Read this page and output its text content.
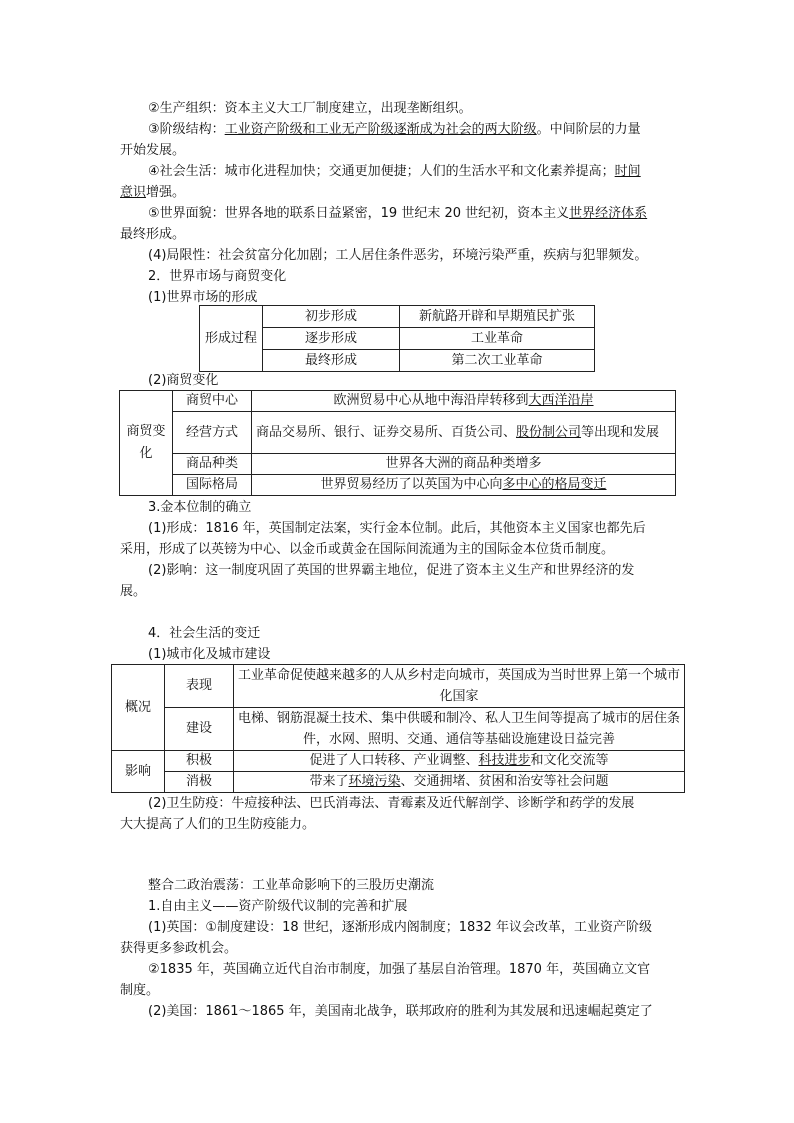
②生产组织：资本主义大工厂制度建立，出现垄断组织。
③阶级结构：工业资产阶级和工业无产阶级逐渐成为社会的两大阶级。中间阶层的力量
开始发展。
④社会生活：城市化进程加快；交通更加便捷；人们的生活水平和文化素养提高；时间
意识增强。
⑤世界面貌：世界各地的联系日益紧密，19 世纪末 20 世纪初，资本主义世界经济体系
最终形成。
(4)局限性：社会贫富分化加剧；工人居住条件恶劣，环境污染严重，疾病与犯罪频发。
2．世界市场与商贸变化
(1)世界市场的形成
形成过程	初步形成	新航路开辟和早期殖民扩张
	逐步形成	工业革命
	最终形成	第二次工业革命
(2)商贸变化
商贸变化	商贸中心	欧洲贸易中心从地中海沿岸转移到大西洋沿岸
	经营方式	商品交易所、银行、证券交易所、百货公司、股份制公司等出现和发展
	商品种类	世界各大洲的商品种类增多
	国际格局	世界贸易经历了以英国为中心向多中心的格局变迁
3.金本位制的确立
(1)形成：1816 年，英国制定法案，实行金本位制。此后，其他资本主义国家也都先后
采用，形成了以英镑为中心、以金币或黄金在国际间流通为主的国际金本位货币制度。
(2)影响：这一制度巩固了英国的世界霸主地位，促进了资本主义生产和世界经济的发
展。
4．社会生活的变迁
(1)城市化及城市建设
概况	表现	工业革命促使越来越多的人从乡村走向城市，英国成为当时世界上第一个城市化国家
	建设	电梯、钢筋混凝土技术、集中供暖和制冷、私人卫生间等提高了城市的居住条件，水网、照明、交通、通信等基础设施建设日益完善
影响	积极	促进了人口转移、产业调整、科技进步和文化交流等
	消极	带来了环境污染、交通拥堵、贫困和治安等社会问题
(2)卫生防疫：牛痘接种法、巴氏消毒法、青霉素及近代解剖学、诊断学和药学的发展
大大提高了人们的卫生防疫能力。
整合二政治震荡：工业革命影响下的三股历史潮流
1.自由主义——资产阶级代议制的完善和扩展
(1)英国：①制度建设：18 世纪，逐渐形成内阁制度；1832 年议会改革，工业资产阶级
获得更多参政机会。
②1835 年，英国确立近代自治市制度，加强了基层自治管理。1870 年，英国确立文官
制度。
(2)美国：1861～1865 年，美国南北战争，联邦政府的胜利为其发展和迅速崛起奠定了
